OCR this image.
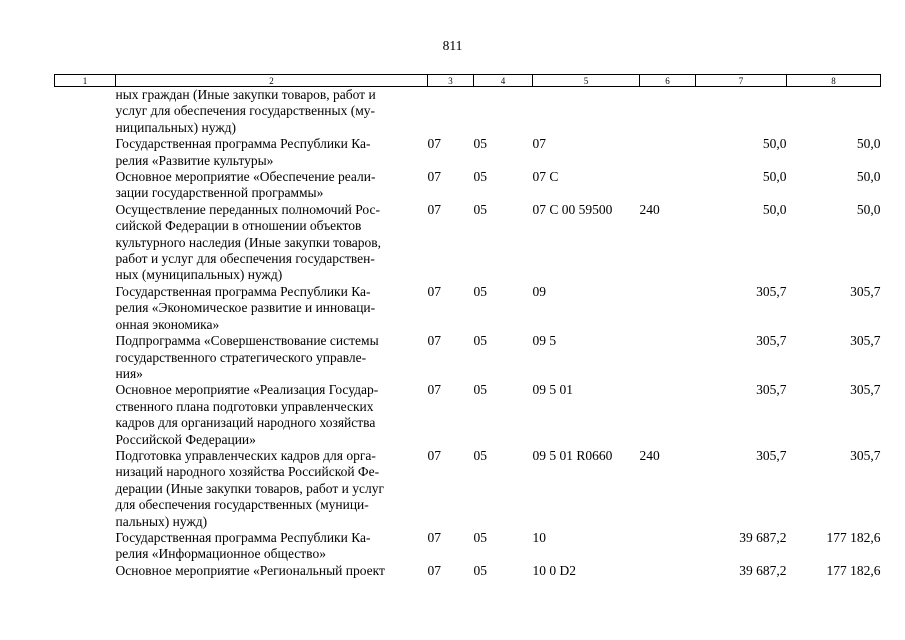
811
1	2	3	4	5	6	7	8

	ных граждан (Иные закупки товаров, работ и
услуг для обеспечения государственных (му-
ниципальных) нужд)						

	Государственная программа Республики Ка-
релия «Развитие культуры»	07	05	07		50,0	50,0

	Основное мероприятие «Обеспечение реали-
зации государственной программы»	07	05	07 С		50,0	50,0

	Осуществление переданных полномочий Рос-
сийской Федерации в отношении объектов
культурного наследия (Иные закупки товаров,
работ и услуг для обеспечения государствен-
ных (муниципальных) нужд)	07	05	07 С 00 59500	240	50,0	50,0

	Государственная программа Республики Ка-
релия «Экономическое развитие и инноваци-
онная экономика»	07	05	09		305,7	305,7

	Подпрограмма «Совершенствование системы
государственного стратегического управле-
ния»	07	05	09 5		305,7	305,7

	Основное мероприятие «Реализация Государ-
ственного плана подготовки управленческих
кадров для организаций народного хозяйства
Российской Федерации»	07	05	09 5 01		305,7	305,7

	Подготовка управленческих кадров для орга-
низаций народного хозяйства Российской Фе-
дерации (Иные закупки товаров, работ и услуг
для обеспечения государственных (муници-
пальных) нужд)	07	05	09 5 01 R0660	240	305,7	305,7

	Государственная программа Республики Ка-
релия «Информационное общество»	07	05	10		39 687,2	177 182,6

	Основное мероприятие «Региональный проект	07	05	10 0 D2		39 687,2	177 182,6
